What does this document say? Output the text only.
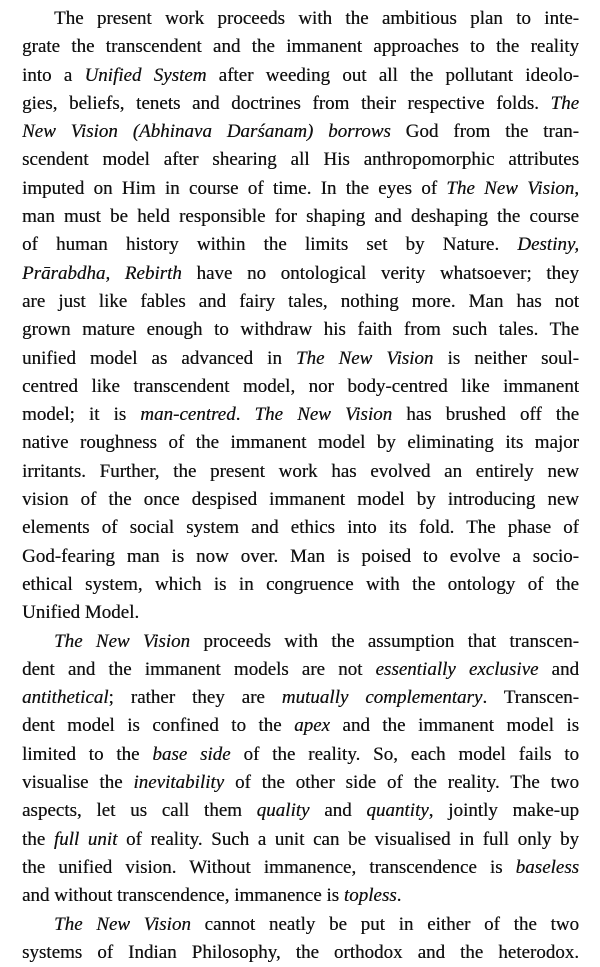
The present work proceeds with the ambitious plan to inte-
grate the transcendent and the immanent approaches to the reality
into a Unified System after weeding out all the pollutant ideolo-
gies, beliefs, tenets and doctrines from their respective folds. The
New Vision (Abhinava Darśanam) borrows God from the tran-
scendent model after shearing all His anthropomorphic attributes
imputed on Him in course of time. In the eyes of The New Vision,
man must be held responsible for shaping and deshaping the course
of human history within the limits set by Nature. Destiny,
Prārabdha, Rebirth have no ontological verity whatsoever; they
are just like fables and fairy tales, nothing more. Man has not
grown mature enough to withdraw his faith from such tales. The
unified model as advanced in The New Vision is neither soul-
centred like transcendent model, nor body-centred like immanent
model; it is man-centred. The New Vision has brushed off the
native roughness of the immanent model by eliminating its major
irritants. Further, the present work has evolved an entirely new
vision of the once despised immanent model by introducing new
elements of social system and ethics into its fold. The phase of
God-fearing man is now over. Man is poised to evolve a socio-
ethical system, which is in congruence with the ontology of the
Unified Model.
The New Vision proceeds with the assumption that transcen-
dent and the immanent models are not essentially exclusive and
antithetical; rather they are mutually complementary. Transcen-
dent model is confined to the apex and the immanent model is
limited to the base side of the reality. So, each model fails to
visualise the inevitability of the other side of the reality. The two
aspects, let us call them quality and quantity, jointly make-up
the full unit of reality. Such a unit can be visualised in full only by
the unified vision. Without immanence, transcendence is baseless
and without transcendence, immanence is topless.
The New Vision cannot neatly be put in either of the two
systems of Indian Philosophy, the orthodox and the heterodox.
